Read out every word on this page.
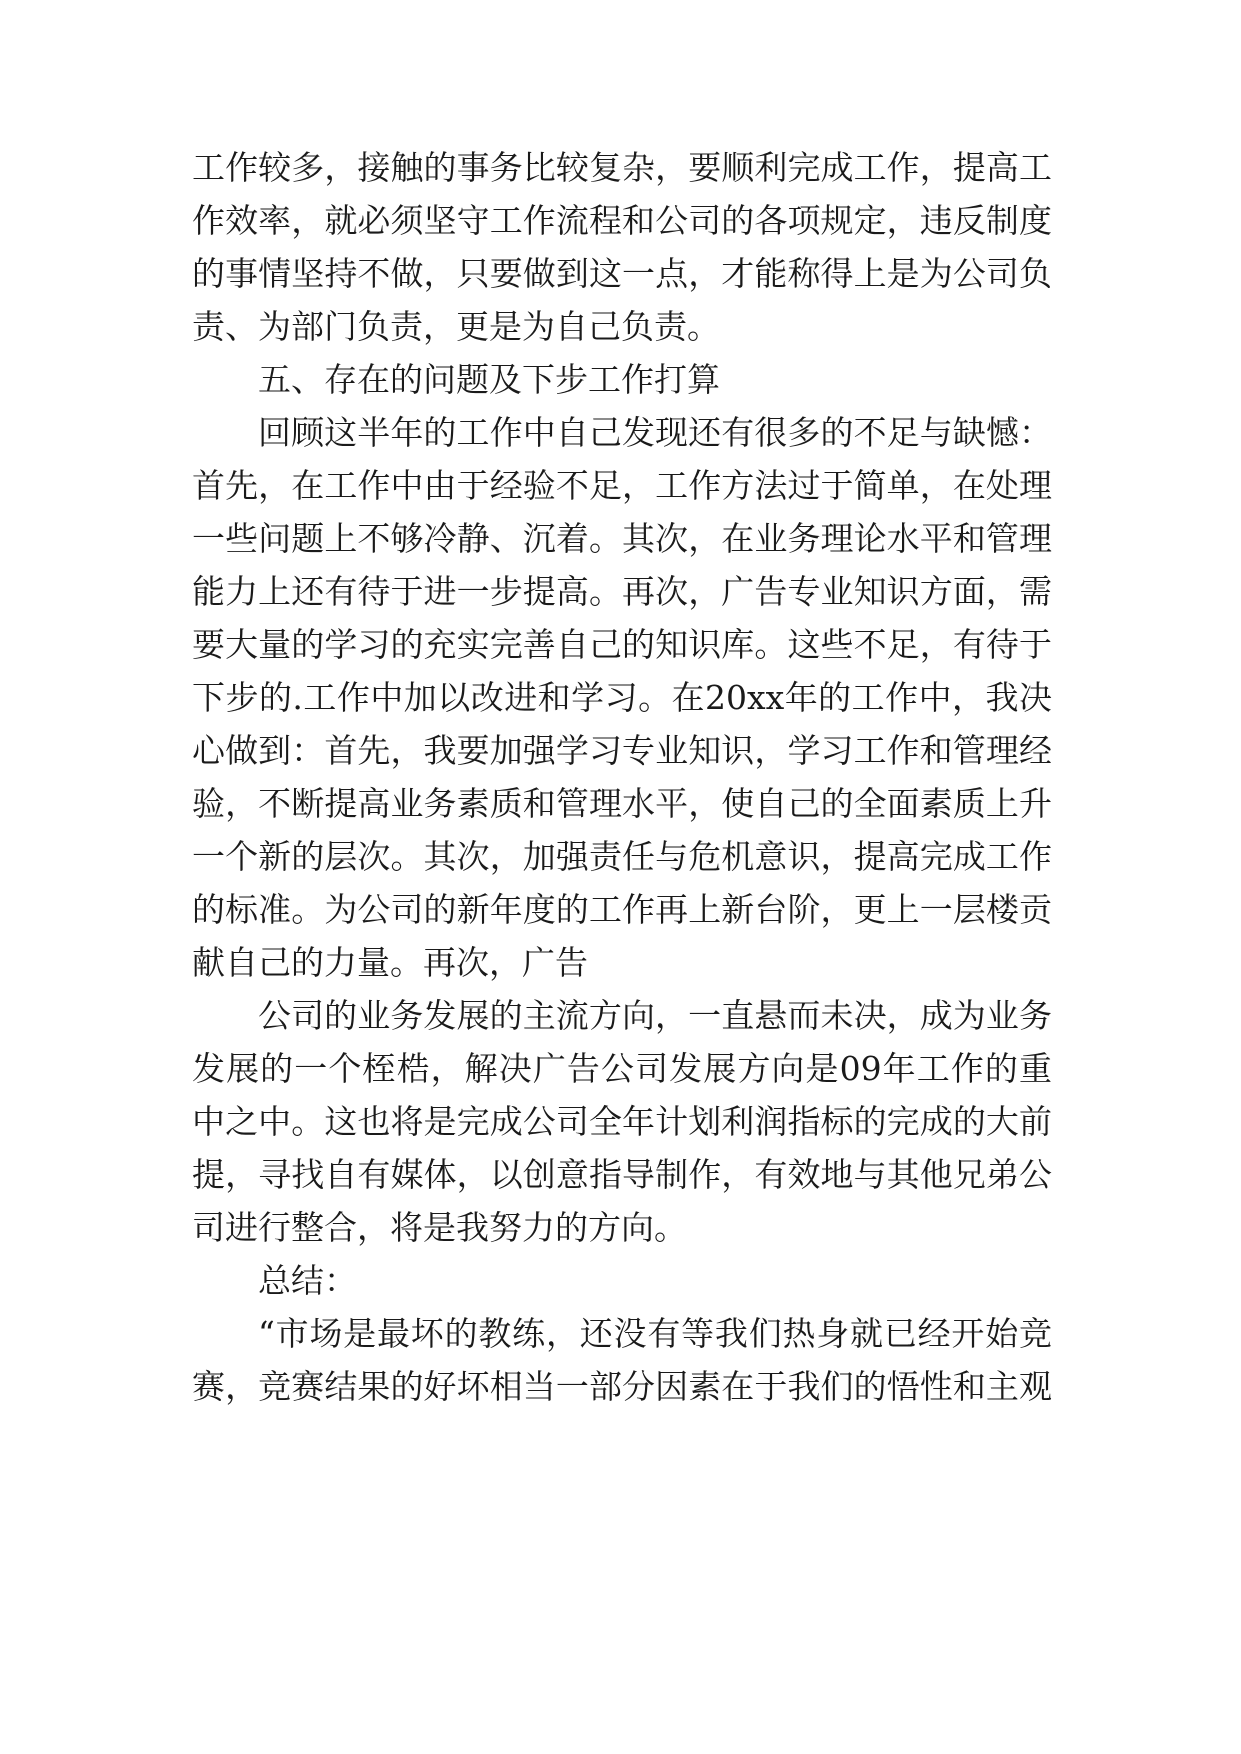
工作较多，接触的事务比较复杂，要顺利完成工作，提高工
作效率，就必须坚守工作流程和公司的各项规定，违反制度
的事情坚持不做，只要做到这一点，才能称得上是为公司负
责、为部门负责，更是为自己负责。
五、存在的问题及下步工作打算
回顾这半年的工作中自己发现还有很多的不足与缺憾：
首先，在工作中由于经验不足，工作方法过于简单，在处理
一些问题上不够冷静、沉着。其次，在业务理论水平和管理
能力上还有待于进一步提高。再次，广告专业知识方面，需
要大量的学习的充实完善自己的知识库。这些不足，有待于
下步的.工作中加以改进和学习。在20xx年的工作中，我决
心做到：首先，我要加强学习专业知识，学习工作和管理经
验，不断提高业务素质和管理水平，使自己的全面素质上升
一个新的层次。其次，加强责任与危机意识，提高完成工作
的标准。为公司的新年度的工作再上新台阶，更上一层楼贡
献自己的力量。再次，广告
公司的业务发展的主流方向，一直悬而未决，成为业务
发展的一个桎梏，解决广告公司发展方向是09年工作的重
中之中。这也将是完成公司全年计划利润指标的完成的大前
提，寻找自有媒体，以创意指导制作，有效地与其他兄弟公
司进行整合，将是我努力的方向。
总结：
“市场是最坏的教练，还没有等我们热身就已经开始竞
赛，竞赛结果的好坏相当一部分因素在于我们的悟性和主观
